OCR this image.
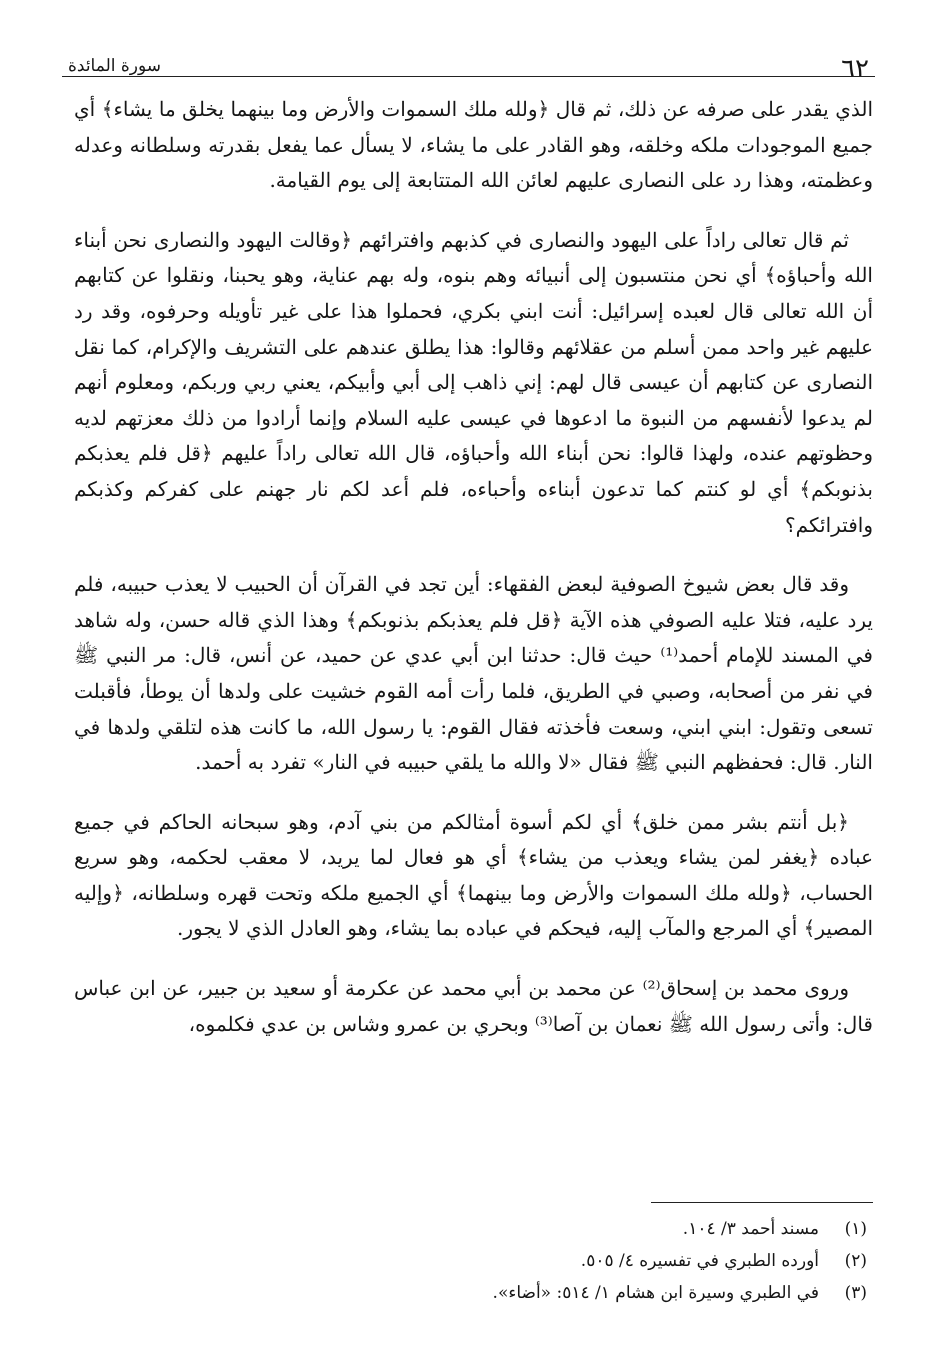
٦٢
سورة المائدة

الذي يقدر على صرفه عن ذلك، ثم قال ﴿ولله ملك السموات والأرض وما بينهما يخلق ما يشاء﴾ أي جميع الموجودات ملكه وخلقه، وهو القادر على ما يشاء، لا يسأل عما يفعل بقدرته وسلطانه وعدله وعظمته، وهذا رد على النصارى عليهم لعائن الله المتتابعة إلى يوم القيامة.

ثم قال تعالى راداً على اليهود والنصارى في كذبهم وافترائهم ﴿وقالت اليهود والنصارى نحن أبناء الله وأحباؤه﴾ أي نحن منتسبون إلى أنبيائه وهم بنوه، وله بهم عناية، وهو يحبنا، ونقلوا عن كتابهم أن الله تعالى قال لعبده إسرائيل: أنت ابني بكري، فحملوا هذا على غير تأويله وحرفوه، وقد رد عليهم غير واحد ممن أسلم من عقلائهم وقالوا: هذا يطلق عندهم على التشريف والإكرام، كما نقل النصارى عن كتابهم أن عيسى قال لهم: إني ذاهب إلى أبي وأبيكم، يعني ربي وربكم، ومعلوم أنهم لم يدعوا لأنفسهم من النبوة ما ادعوها في عيسى عليه السلام وإنما أرادوا من ذلك معزتهم لديه وحظوتهم عنده، ولهذا قالوا: نحن أبناء الله وأحباؤه، قال الله تعالى راداً عليهم ﴿قل فلم يعذبكم بذنوبكم﴾ أي لو كنتم كما تدعون أبناءه وأحباءه، فلم أعد لكم نار جهنم على كفركم وكذبكم وافترائكم؟

وقد قال بعض شيوخ الصوفية لبعض الفقهاء: أين تجد في القرآن أن الحبيب لا يعذب حبيبه، فلم يرد عليه، فتلا عليه الصوفي هذه الآية ﴿قل فلم يعذبكم بذنوبكم﴾ وهذا الذي قاله حسن، وله شاهد في المسند للإمام أحمد⁽¹⁾ حيث قال: حدثنا ابن أبي عدي عن حميد، عن أنس، قال: مر النبي ﷺ في نفر من أصحابه، وصبي في الطريق، فلما رأت أمه القوم خشيت على ولدها أن يوطأ، فأقبلت تسعى وتقول: ابني ابني، وسعت فأخذته فقال القوم: يا رسول الله، ما كانت هذه لتلقي ولدها في النار. قال: فحفظهم النبي ﷺ فقال «لا والله ما يلقي حبيبه في النار» تفرد به أحمد.

﴿بل أنتم بشر ممن خلق﴾ أي لكم أسوة أمثالكم من بني آدم، وهو سبحانه الحاكم في جميع عباده ﴿يغفر لمن يشاء ويعذب من يشاء﴾ أي هو فعال لما يريد، لا معقب لحكمه، وهو سريع الحساب، ﴿ولله ملك السموات والأرض وما بينهما﴾ أي الجميع ملكه وتحت قهره وسلطانه، ﴿وإليه المصير﴾ أي المرجع والمآب إليه، فيحكم في عباده بما يشاء، وهو العادل الذي لا يجور.

وروى محمد بن إسحاق⁽²⁾ عن محمد بن أبي محمد عن عكرمة أو سعيد بن جبير، عن ابن عباس قال: وأتى رسول الله ﷺ نعمان بن آصا⁽³⁾ وبحري بن عمرو وشاس بن عدي فكلموه،

(١)
مسند أحمد ٣/ ١٠٤.
(٢)
أورده الطبري في تفسيره ٤/ ٥٠٥.
(٣)
في الطبري وسيرة ابن هشام ١/ ٥١٤: «أضاء».
